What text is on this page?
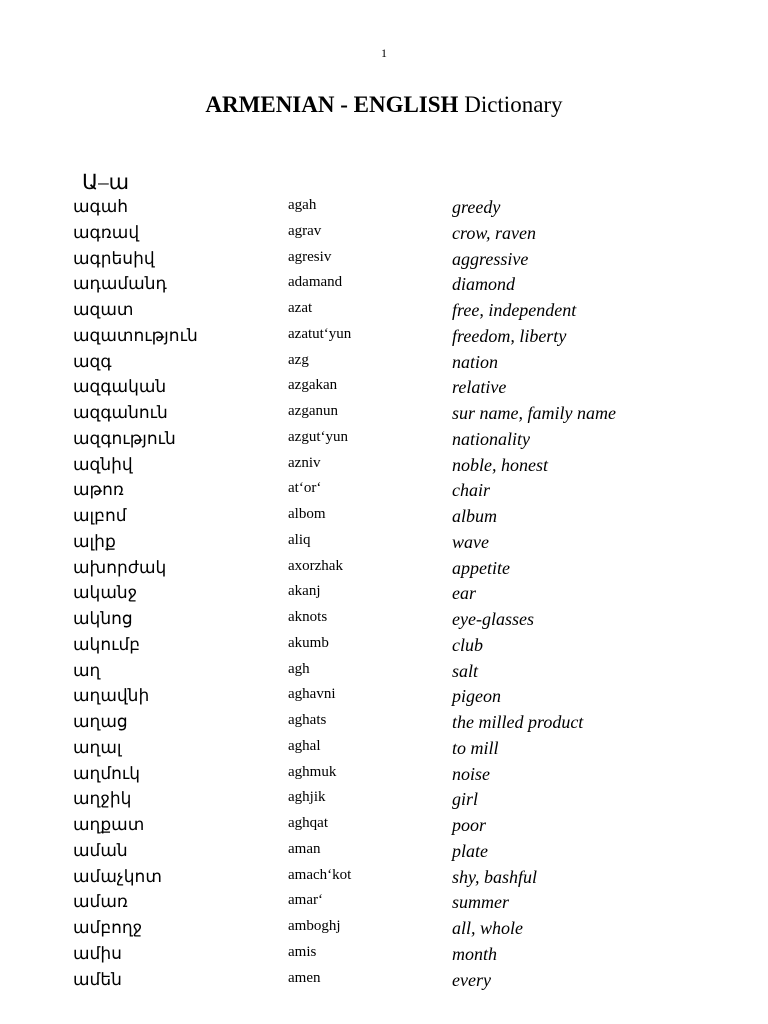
1
ARMENIAN - ENGLISH Dictionary
Ա–ա
ագահ	agah	greedy
ագռավ	agrav	crow, raven
ագրեսիվ	agresiv	aggressive
ադամանդ	adamand	diamond
ազատ	azat	free, independent
ազատություն	azatut‘yun	freedom, liberty
ազգ	azg	nation
ազգական	azgakan	relative
ազգանուն	azganun	sur name, family name
ազգություն	azgut‘yun	nationality
ազնիվ	azniv	noble, honest
աթոռ	at‘or‘	chair
ալբոմ	albom	album
ալիք	aliq	wave
ախորժակ	axorzhak	appetite
ականջ	akanj	ear
ակնոց	aknots	eye-glasses
ակումբ	akumb	club
աղ	agh	salt
աղավնի	aghavni	pigeon
աղաց	aghats	the milled product
աղալ	aghal	to mill
աղմուկ	aghmuk	noise
աղջիկ	aghjik	girl
աղքատ	aghqat	poor
աման	aman	plate
ամաչկոտ	amach‘kot	shy, bashful
ամառ	amar‘	summer
ամբողջ	amboghj	all, whole
ամիս	amis	month
ամեն	amen	every
